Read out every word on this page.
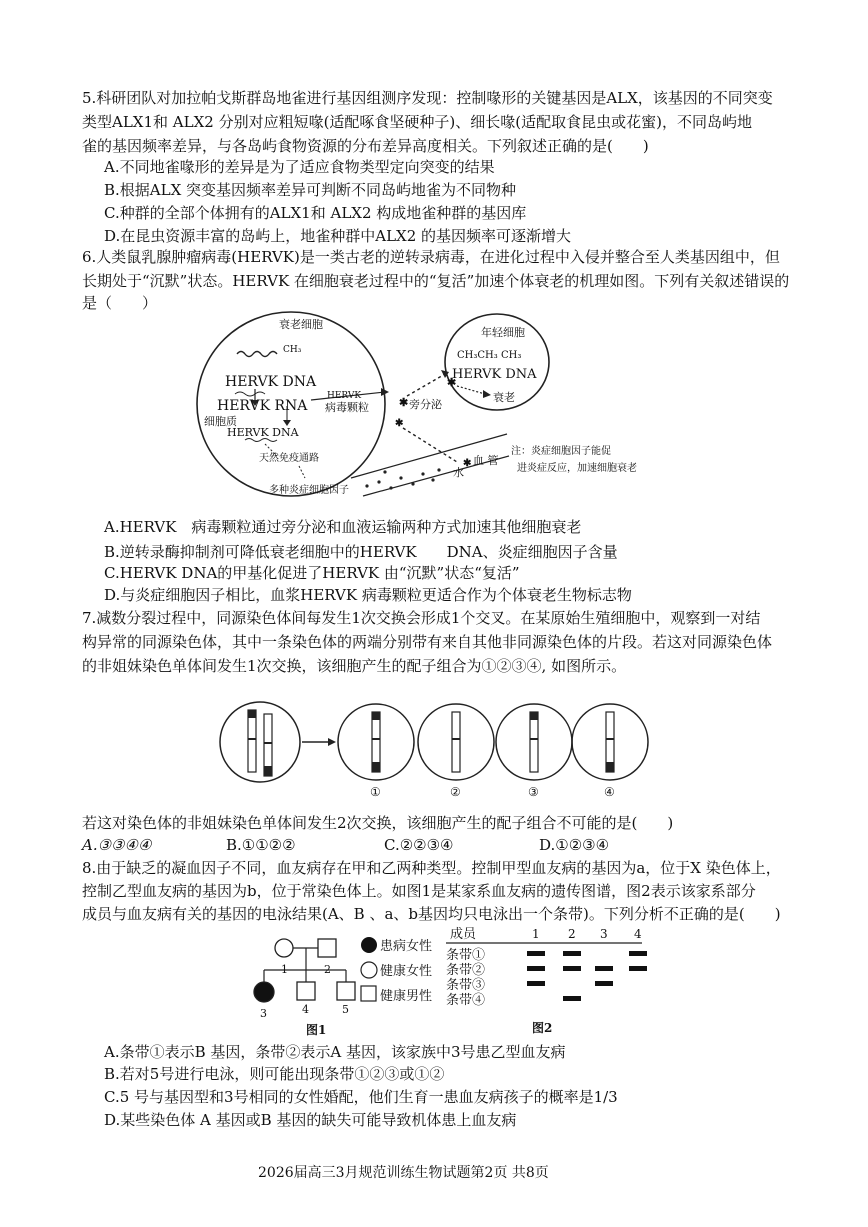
5.科研团队对加拉帕戈斯群岛地雀进行基因组测序发现：控制喙形的关键基因是ALX，该基因的不同突变
类型ALX1和 ALX2 分别对应粗短喙(适配啄食坚硬种子)、细长喙(适配取食昆虫或花蜜)，不同岛屿地
雀的基因频率差异，与各岛屿食物资源的分布差异高度相关。下列叙述正确的是(　　)
A.不同地雀喙形的差异是为了适应食物类型定向突变的结果
B.根据ALX 突变基因频率差异可判断不同岛屿地雀为不同物种
C.种群的全部个体拥有的ALX1和 ALX2 构成地雀种群的基因库
D.在昆虫资源丰富的岛屿上，地雀种群中ALX2 的基因频率可逐渐增大
6.人类鼠乳腺肿瘤病毒(HERVK)是一类古老的逆转录病毒，在进化过程中入侵并整合至人类基因组中，但
长期处于“沉默”状态。HERVK 在细胞衰老过程中的“复活”加速个体衰老的机理如图。下列有关叙述错误的
是（　　）
衰老细胞
CH₃
HERVK DNA
HERVK RNA
细胞质
HERVK DNA
天然免疫通路
多种炎症细胞因子
HERVK
病毒颗粒	✱
✱
旁分泌
年轻细胞
CH₃CH₃ CH₃
HERVK DNA
✱
衰老
✱ 血 管
水
注：炎症细胞因子能促
进炎症反应，加速细胞衰老
A.HERVK　病毒颗粒通过旁分泌和血液运输两种方式加速其他细胞衰老
B.逆转录酶抑制剂可降低衰老细胞中的HERVK　　DNA、炎症细胞因子含量
C.HERVK DNA的甲基化促进了HERVK 由“沉默”状态“复活”
D.与炎症细胞因子相比，血浆HERVK 病毒颗粒更适合作为个体衰老生物标志物
7.减数分裂过程中，同源染色体间每发生1次交换会形成1个交叉。在某原始生殖细胞中，观察到一对结
构异常的同源染色体，其中一条染色体的两端分别带有来自其他非同源染色体的片段。若这对同源染色体
的非姐妹染色单体间发生1次交换，该细胞产生的配子组合为①②③④, 如图所示。
①	②	③	④
若这对染色体的非姐妹染色单体间发生2次交换，该细胞产生的配子组合不可能的是(　　)
A.③③④④	B.①①②②	C.②②③④	D.①②③④
8.由于缺乏的凝血因子不同，血友病存在甲和乙两种类型。控制甲型血友病的基因为a，位于X 染色体上，
控制乙型血友病的基因为b，位于常染色体上。如图1是某家系血友病的遗传图谱，图2表示该家系部分
成员与血友病有关的基因的电泳结果(A、B 、a、b基因均只电泳出一个条带)。下列分析不正确的是(　　)
1	2
3	4	5
图1
患病女性
健康女性
健康男性
成员	1 2 3 4
条带①
条带②
条带③
条带④
图2
A.条带①表示B 基因，条带②表示A 基因，该家族中3号患乙型血友病
B.若对5号进行电泳，则可能出现条带①②③或①②
C.5 号与基因型和3号相同的女性婚配，他们生育一患血友病孩子的概率是1/3
D.某些染色体 A 基因或B 基因的缺失可能导致机体患上血友病
2026届高三3月规范训练生物试题第2页 共8页
